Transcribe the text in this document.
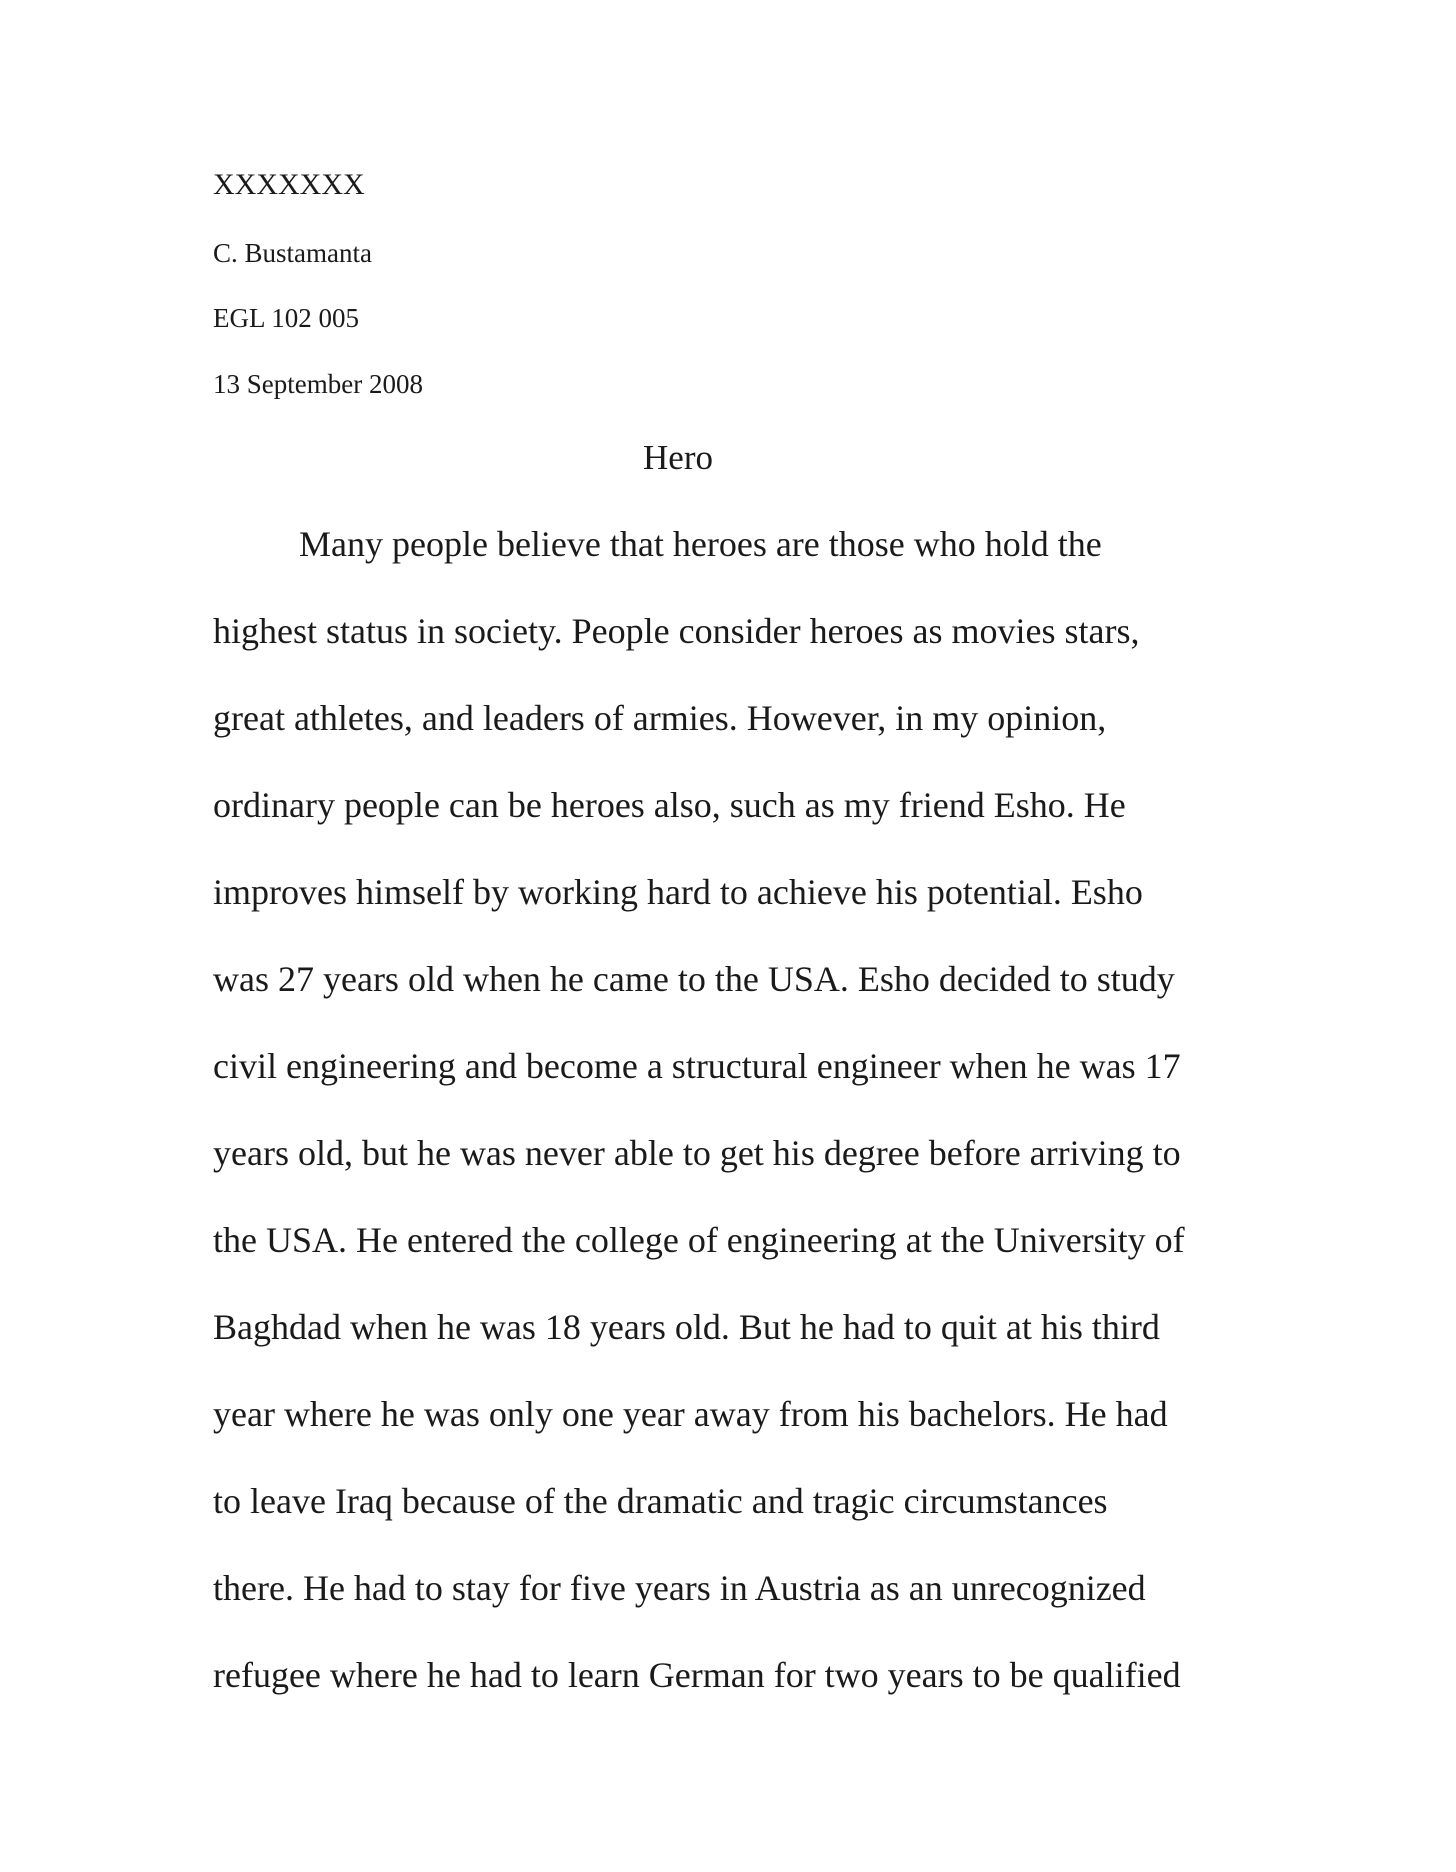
XXXXXXX
C. Bustamanta
EGL 102 005
13 September 2008
Hero
Many people believe that heroes are those who hold the
highest status in society. People consider heroes as movies stars,
great athletes, and leaders of armies. However, in my opinion,
ordinary people can be heroes also, such as my friend Esho. He
improves himself by working hard to achieve his potential. Esho
was 27 years old when he came to the USA. Esho decided to study
civil engineering and become a structural engineer when he was 17
years old, but he was never able to get his degree before arriving to
the USA. He entered the college of engineering at the University of
Baghdad when he was 18 years old. But he had to quit at his third
year where he was only one year away from his bachelors. He had
to leave Iraq because of the dramatic and tragic circumstances
there. He had to stay for five years in Austria as an unrecognized
refugee where he had to learn German for two years to be qualified
